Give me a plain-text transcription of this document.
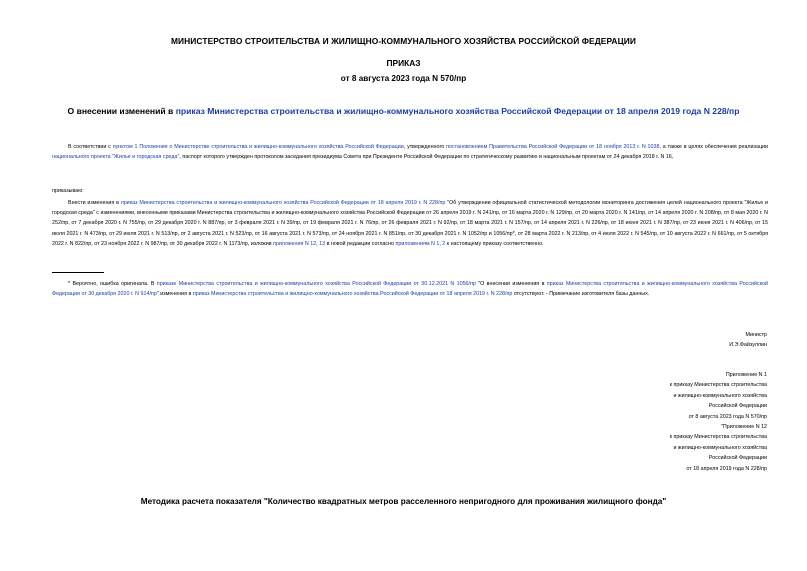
МИНИСТЕРСТВО СТРОИТЕЛЬСТВА И ЖИЛИЩНО-КОММУНАЛЬНОГО ХОЗЯЙСТВА РОССИЙСКОЙ ФЕДЕРАЦИИ
ПРИКАЗ
от 8 августа 2023 года N 570/пр
О внесении изменений в приказ Министерства строительства и жилищно-коммунального хозяйства Российской Федерации от 18 апреля 2019 года N 228/пр
В соответствии с пунктом 1 Положения о Министерстве строительства и жилищно-коммунального хозяйства Российской Федерации, утвержденного постановлением Правительства Российской Федерации от 18 ноября 2013 г. N 1038, а также в целях обеспечения реализации национального проекта "Жилье и городская среда", паспорт которого утвержден протоколом заседания президиума Совета при Президенте Российской Федерации по стратегическому развитию и национальным проектам от 24 декабря 2018 г. N 16,
приказываю:
Внести изменения в приказ Министерства строительства и жилищно-коммунального хозяйства Российской Федерации от 18 апреля 2019 г. N 228/пр "Об утверждении официальной статистической методологии мониторинга достижения целей национального проекта "Жилье и городская среда" с изменениями, внесенными приказами Министерства строительства и жилищно-коммунального хозяйства Российской Федерации от 26 апреля 2019 г. N 241/пр, от 16 марта 2020 г. N 129/пр, от 20 марта 2020 г. N 141/пр, от 14 апреля 2020 г. N 208/пр, от 8 мая 2020 г. N 252/пр, от 7 декабря 2020 г. N 755/пр, от 29 декабря 2020 г. N 887/пр, от 3 февраля 2021 г. N 39/пр, от 19 февраля 2021 г. N 76/пр, от 26 февраля 2021 г. N 92/пр, от 18 марта 2021 г. N 157/пр, от 14 апреля 2021 г. N 226/пр, от 18 июня 2021 г. N 387/пр, от 23 июня 2021 г. N 406/пр, от 15 июля 2021 г. N 473/пр, от 29 июля 2021 г. N 513/пр, от 2 августа 2021 г. N 523/пр, от 16 августа 2021 г. N 573/пр, от 24 ноября 2021 г. N 851/пр, от 30 декабря 2021 г. N 1052/пр и 1056/пр*, от 28 марта 2022 г. N 213/пр, от 4 июля 2022 г. N 545/пр, от 10 августа 2022 г. N 661/пр, от 5 октября 2022 г. N 822/пр, от 23 ноября 2022 г. N 987/пр, от 30 декабря 2022 г. N 1173/пр, изложив приложения N 12, 13 в новой редакции согласно приложениям N 1, 2 к настоящему приказу соответственно.
* Вероятно, ошибка оригинала. В приказе Министерства строительства и жилищно-коммунального хозяйства Российской Федерации от 30.12.2021 N 1056/пр "О внесении изменения в приказ Министерства строительства и жилищно-коммунального хозяйства Российской Федерации от 30 декабря 2020 г. N 914/пр" изменения в приказ Министерства строительства и жилищно-коммунального хозяйства Российской Федерации от 18 апреля 2019 г. N 228/пр отсутствуют. - Примечание изготовителя базы данных.
Министр
И.Э.Файзуллин
Приложение N 1
к приказу Министерства строительства
и жилищно-коммунального хозяйства
Российской Федерации
от 8 августа 2023 года N 570/пр
"Приложение N 12
к приказу Министерства строительства
и жилищно-коммунального хозяйства
Российской Федерации
от 18 апреля 2019 года N 228/пр
Методика расчета показателя "Количество квадратных метров расселенного непригодного для проживания жилищного фонда"
